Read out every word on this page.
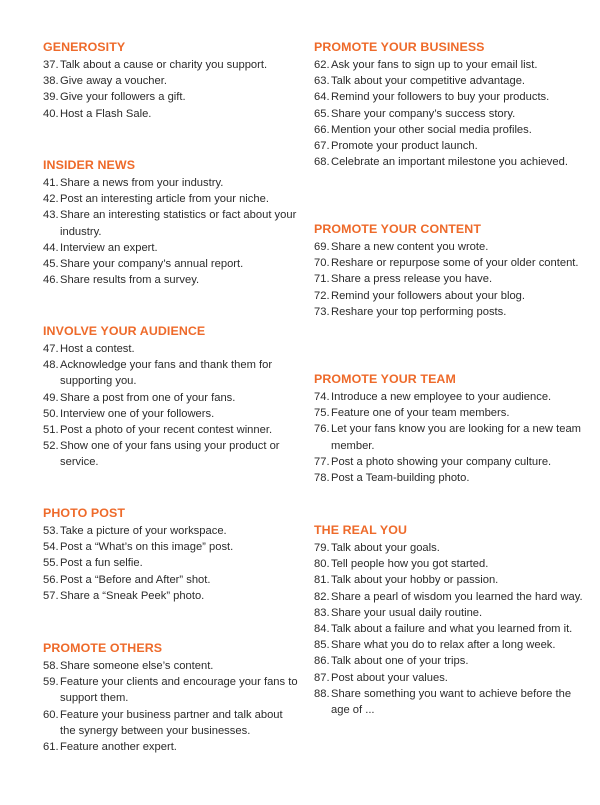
GENEROSITY
37.Talk about a cause or charity you support.
38.Give away a voucher.
39.Give your followers a gift.
40.Host a Flash Sale.
INSIDER NEWS
41.Share a news from your industry.
42.Post an interesting article from your niche.
43.Share an interesting statistics or fact about your industry.
44.Interview an expert.
45.Share your company’s annual report.
46.Share results from a survey.
INVOLVE YOUR AUDIENCE
47.Host a contest.
48.Acknowledge your fans and thank them for supporting you.
49.Share a post from one of your fans.
50.Interview one of your followers.
51.Post a photo of your recent contest winner.
52.Show one of your fans using your product or service.
PHOTO POST
53.Take a picture of your workspace.
54.Post a “What’s on this image” post.
55.Post a fun selfie.
56.Post a “Before and After” shot.
57.Share a “Sneak Peek” photo.
PROMOTE OTHERS
58.Share someone else’s content.
59.Feature your clients and encourage your fans to support them.
60.Feature your business partner and talk about the synergy between your businesses.
61.Feature another expert.
PROMOTE YOUR BUSINESS
62.Ask your fans to sign up to your email list.
63.Talk about your competitive advantage.
64.Remind your followers to buy your products.
65.Share your company’s success story.
66.Mention your other social media profiles.
67.Promote your product launch.
68.Celebrate an important milestone you achieved.
PROMOTE YOUR CONTENT
69.Share a new content you wrote.
70.Reshare or repurpose some of your older content.
71.Share a press release you have.
72.Remind your followers about your blog.
73.Reshare your top performing posts.
PROMOTE YOUR TEAM
74.Introduce a new employee to your audience.
75.Feature one of your team members.
76.Let your fans know you are looking for a new team member.
77.Post a photo showing your company culture.
78.Post a Team-building photo.
THE REAL YOU
79.Talk about your goals.
80.Tell people how you got started.
81.Talk about your hobby or passion.
82.Share a pearl of wisdom you learned the hard way.
83.Share your usual daily routine.
84.Talk about a failure and what you learned from it.
85.Share what you do to relax after a long week.
86.Talk about one of your trips.
87.Post about your values.
88.Share something you want to achieve before the age of ...
